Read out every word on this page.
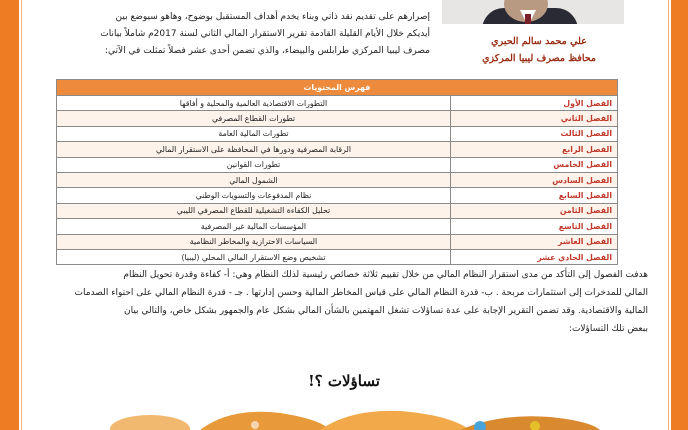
علي محمد سالم الحبري
محافظ مصرف ليبيا المركزي
إصرارهم على تقديم نقد ذاتي وبناء يخدم أهداف المستقبل بوضوح، وهاهو سيوضع بين
أيديكم خلال الأيام القليلة القادمة تقرير الاستقرار المالي الثاني لسنة 2017م شاملاً بيانات
مصرف ليبيا المركزي طرابلس والبيضاء، والذي تضمن أحدى عشر فصلاً تمثلت في الآتي:
فهرس المحتويات	
الفصل الأول	التطورات الاقتصادية العالمية والمحلية و أفاقها
الفصل الثاني	تطورات القطاع المصرفي
الفصل الثالث	تطورات المالية العامة
الفصل الرابع	الرقابة المصرفية ودورها في المحافظة على الاستقرار المالي
الفصل الخامس	تطورات القوانين
الفصل السادس	الشمول المالي
الفصل السابع	نظام المدفوعات والتسويات الوطني
الفصل الثامن	تحليل الكفاءة التشغيلية للقطاع المصرفي الليبي
الفصل التاسع	المؤسسات المالية غير المصرفية
الفصل العاشر	السياسات الاحترازية والمخاطر النظامية
الفصل الحادي عشر	تشخيص وضع الاستقرار المالي المحلي (ليبيا)
هدفت الفصول إلى التأكد من مدى استقرار النظام المالي من خلال تقييم ثلاثة خصائص رئيسية لذلك النظام وهي: أ- كفاءة وقدرة تحويل النظام
المالي للمدخرات إلى استثمارات مربحة . ب- قدرة النظام المالي على قياس المخاطر المالية وحسن إدارتها . جـ - قدرة النظام المالي على احتواء الصدمات
المالية والاقتصادية. وقد تضمن التقرير الإجابة على عدة تساؤلات تشغل المهتمين بالشأن المالي بشكل عام والجمهور بشكل خاص، والتالي بيان
ببعض تلك التساؤلات:
تساؤلات ؟!
